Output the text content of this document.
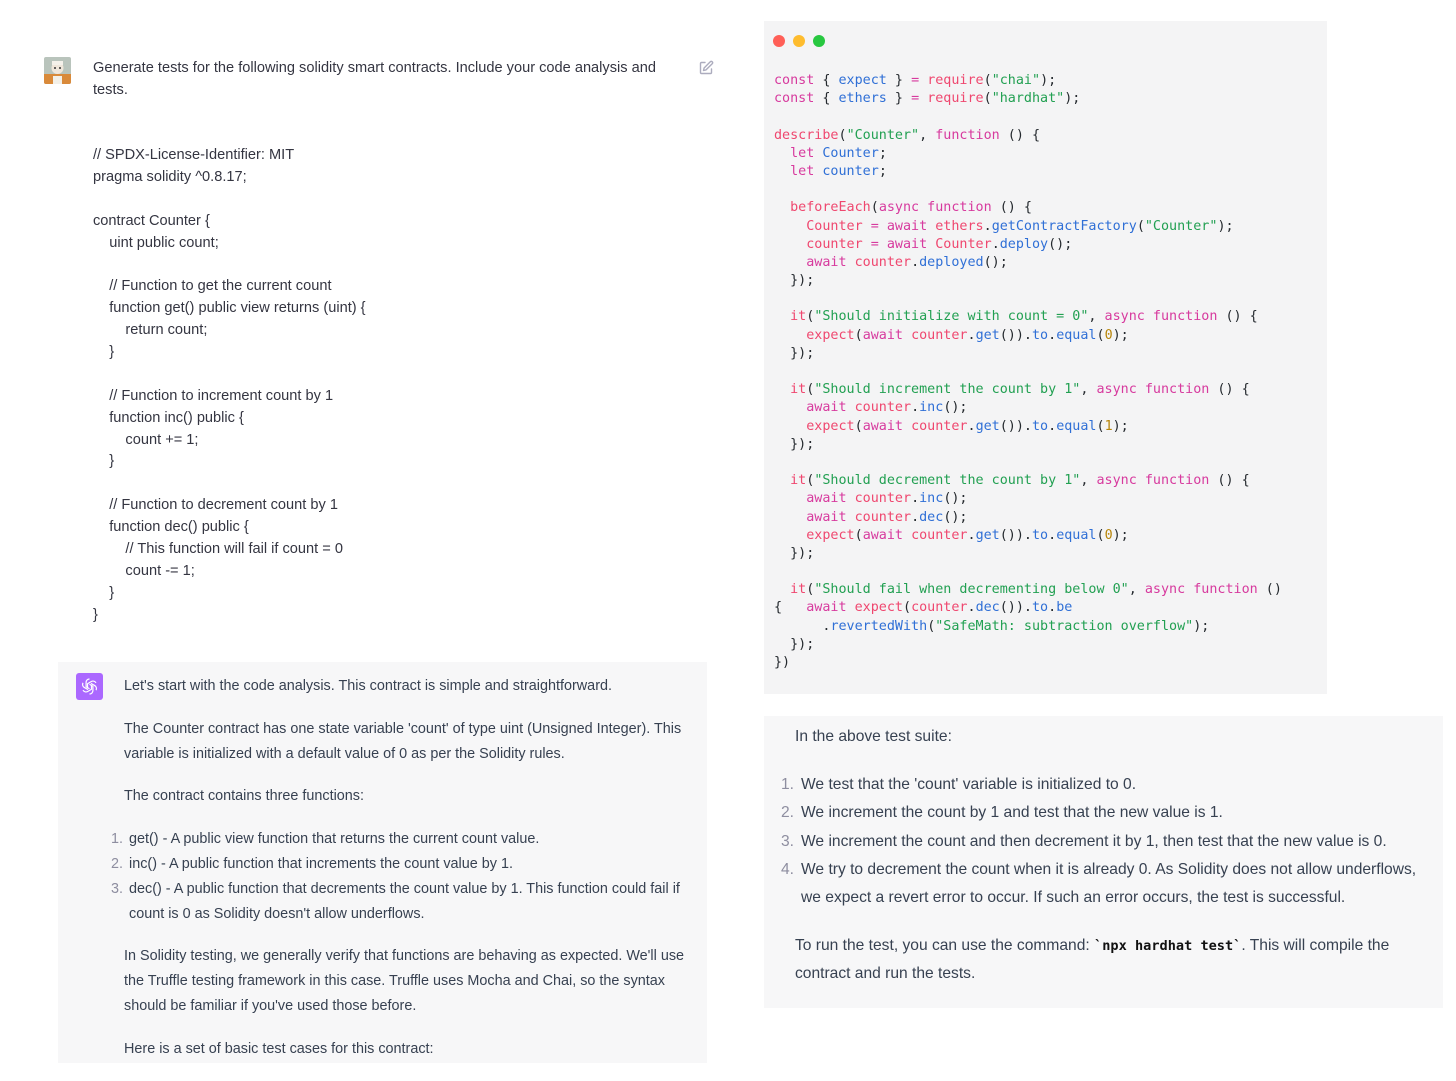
Generate tests for the following solidity smart contracts. Include your code analysis and tests.
// SPDX-License-Identifier: MIT
pragma solidity ^0.8.17;
contract Counter {
uint public count;
// Function to get the current count
function get() public view returns (uint) {
return count;
}
// Function to increment count by 1
function inc() public {
count += 1;
}
// Function to decrement count by 1
function dec() public {
// This function will fail if count = 0
count -= 1;
}
}

Let's start with the code analysis. This contract is simple and straightforward.

The Counter contract has one state variable 'count' of type uint (Unsigned Integer). This variable is initialized with a default value of 0 as per the Solidity rules.

The contract contains three functions:

1. get() - A public view function that returns the current count value.
2. inc() - A public function that increments the count value by 1.
3. dec() - A public function that decrements the count value by 1. This function could fail if count is 0 as Solidity doesn't allow underflows.

In Solidity testing, we generally verify that functions are behaving as expected. We'll use the Truffle testing framework in this case. Truffle uses Mocha and Chai, so the syntax should be familiar if you've used those before.

Here is a set of basic test cases for this contract:

const { expect } = require("chai");
const { ethers } = require("hardhat");
describe("Counter", function () {
let Counter;
let counter;
beforeEach(async function () {
Counter = await ethers.getContractFactory("Counter");
counter = await Counter.deploy();
await counter.deployed();
});
it("Should initialize with count = 0", async function () {
expect(await counter.get()).to.equal(0);
});
it("Should increment the count by 1", async function () {
await counter.inc();
expect(await counter.get()).to.equal(1);
});
it("Should decrement the count by 1", async function () {
await counter.inc();
await counter.dec();
expect(await counter.get()).to.equal(0);
});
it("Should fail when decrementing below 0", async function ()
{   await expect(counter.dec()).to.be
.revertedWith("SafeMath: subtraction overflow");
});
})

In the above test suite:

1. We test that the 'count' variable is initialized to 0.
2. We increment the count by 1 and test that the new value is 1.
3. We increment the count and then decrement it by 1, then test that the new value is 0.
4. We try to decrement the count when it is already 0. As Solidity does not allow underflows, we expect a revert error to occur. If such an error occurs, the test is successful.

To run the test, you can use the command: `npx hardhat test`. This will compile the contract and run the tests.
